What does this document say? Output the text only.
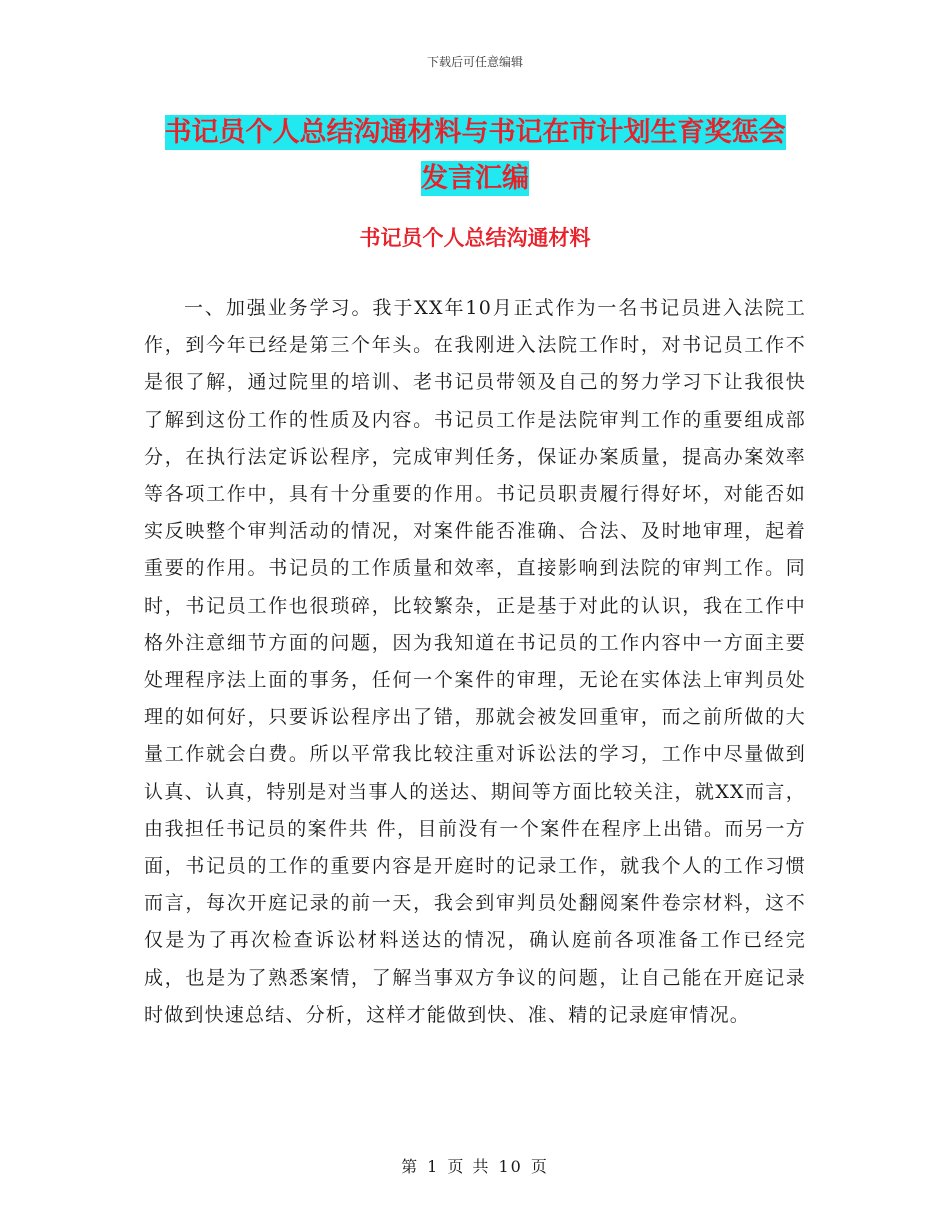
下载后可任意编辑
书记员个人总结沟通材料与书记在市计划生育奖惩会
发言汇编
书记员个人总结沟通材料

一、加强业务学习。我于XX年10月正式作为一名书记员进入法院工作，到今年已经是第三个年头。在我刚进入法院工作时，对书记员工作不是很了解，通过院里的培训、老书记员带领及自己的努力学习下让我很快了解到这份工作的性质及内容。书记员工作是法院审判工作的重要组成部分，在执行法定诉讼程序，完成审判任务，保证办案质量，提高办案效率等各项工作中，具有十分重要的作用。书记员职责履行得好坏，对能否如实反映整个审判活动的情况，对案件能否准确、合法、及时地审理，起着重要的作用。书记员的工作质量和效率，直接影响到法院的审判工作。同时，书记员工作也很琐碎，比较繁杂，正是基于对此的认识，我在工作中格外注意细节方面的问题，因为我知道在书记员的工作内容中一方面主要处理程序法上面的事务，任何一个案件的审理，无论在实体法上审判员处理的如何好，只要诉讼程序出了错，那就会被发回重审，而之前所做的大量工作就会白费。所以平常我比较注重对诉讼法的学习，工作中尽量做到认真、认真，特别是对当事人的送达、期间等方面比较关注，就XX而言，由我担任书记员的案件共 件，目前没有一个案件在程序上出错。而另一方面，书记员的工作的重要内容是开庭时的记录工作，就我个人的工作习惯而言，每次开庭记录的前一天，我会到审判员处翻阅案件卷宗材料，这不仅是为了再次检查诉讼材料送达的情况，确认庭前各项准备工作已经完成，也是为了熟悉案情，了解当事双方争议的问题，让自己能在开庭记录时做到快速总结、分析，这样才能做到快、准、精的记录庭审情况。

第 1 页 共 10 页
